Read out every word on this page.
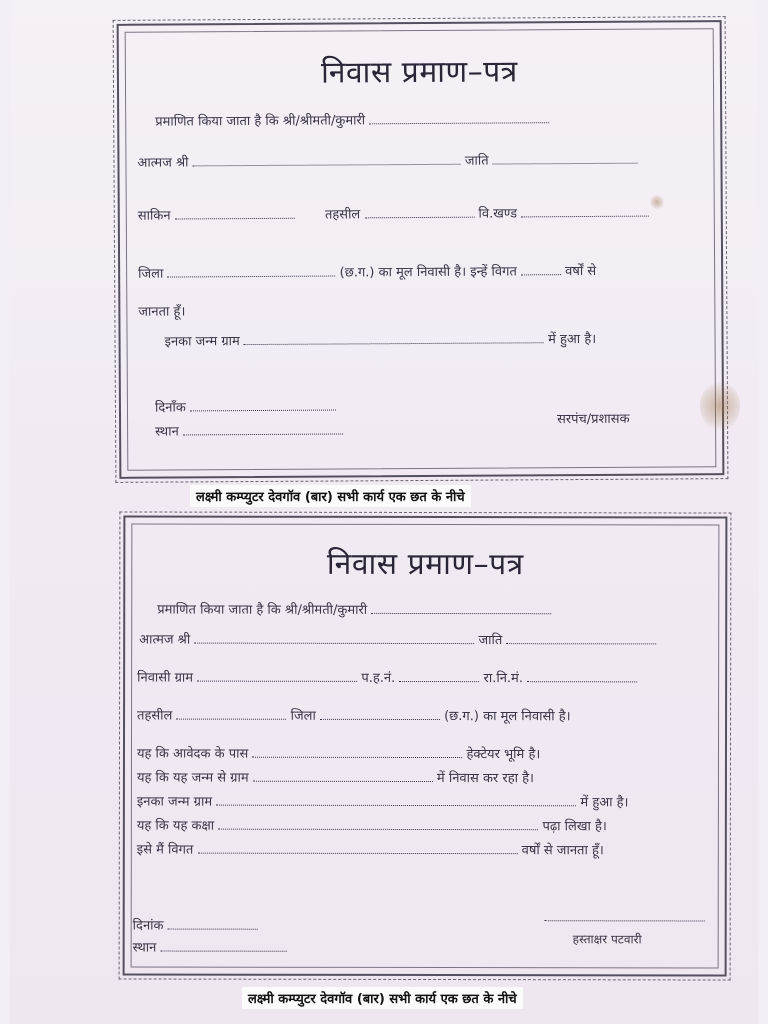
निवास प्रमाण–पत्र
प्रमाणित किया जाता है कि श्री/श्रीमती/कुमारी
आत्मज श्री	जाति
साकिन	तहसील	वि.खण्ड
जिला	(छ.ग.) का मूल निवासी है। इन्हें विगत	वर्षों से
जानता हूँ।
इनका जन्म ग्राम	में हुआ है।
दिनाँक
स्थान
सरपंच/प्रशासक
लक्ष्मी कम्प्युटर देवगॉव (बार) सभी कार्य एक छत के नीचे
निवास प्रमाण–पत्र
प्रमाणित किया जाता है कि श्री/श्रीमती/कुमारी
आत्मज श्री	जाति
निवासी ग्राम	प.ह.नं.	रा.नि.मं.
तहसील	जिला	(छ.ग.) का मूल निवासी है।
यह कि आवेदक के पास	हेक्टेयर भूमि है।
यह कि यह जन्म से ग्राम	में निवास कर रहा है।
इनका जन्म ग्राम	में हुआ है।
यह कि यह कक्षा	पढ़ा लिखा है।
इसे मैं विगत	वर्षों से जानता हूँ।
दिनांक
स्थान
हस्ताक्षर पटवारी
लक्ष्मी कम्प्युटर देवगॉव (बार) सभी कार्य एक छत के नीचे
